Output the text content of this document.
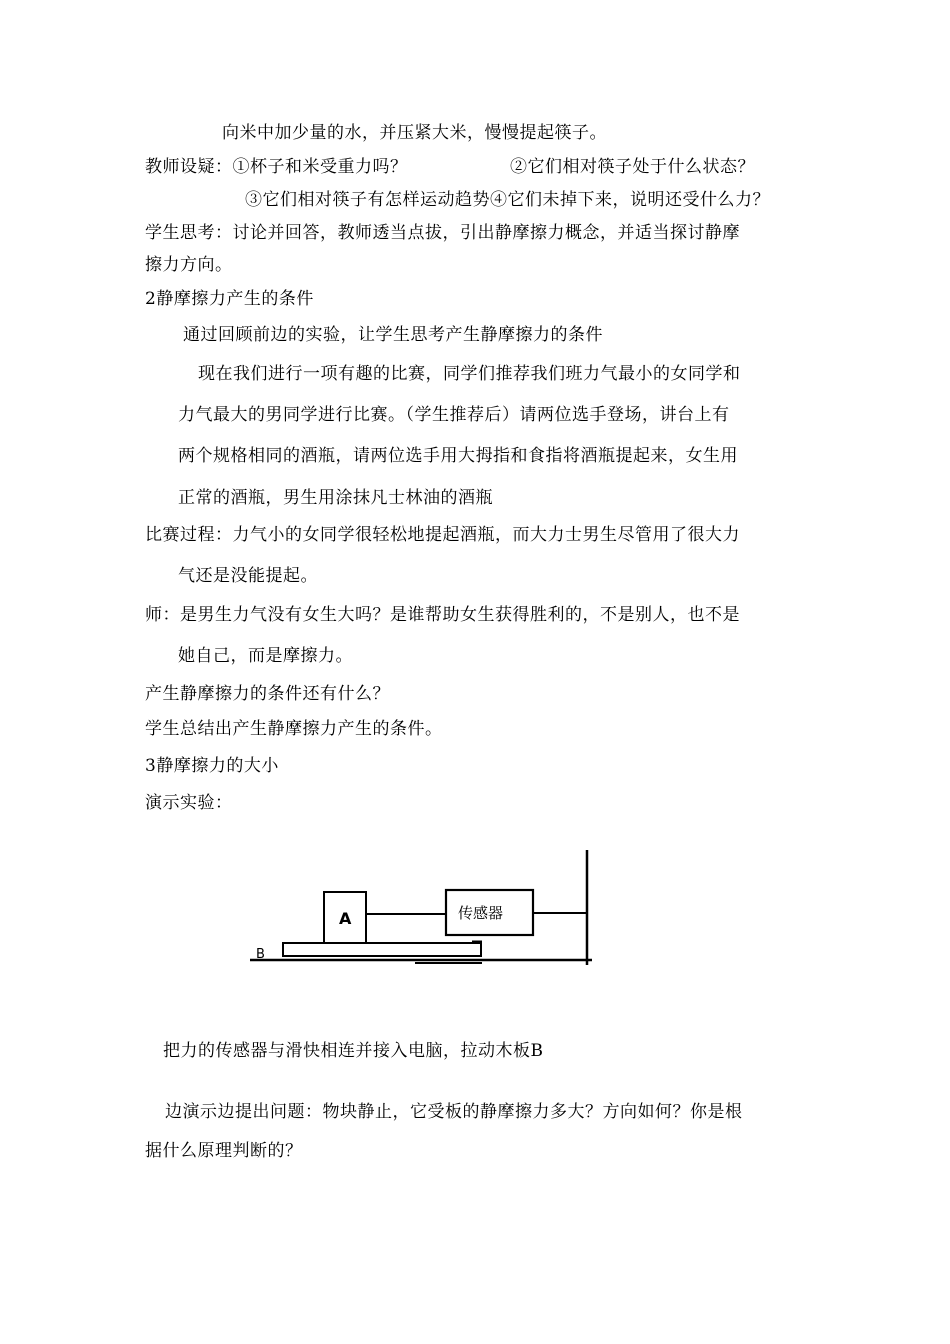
向米中加少量的水，并压紧大米，慢慢提起筷子。
教师设疑：①杯子和米受重力吗？	②它们相对筷子处于什么状态？
③它们相对筷子有怎样运动趋势④它们未掉下来，说明还受什么力？
学生思考：讨论并回答，教师透当点拔，引出静摩擦力概念，并适当探讨静摩
擦力方向。
2静摩擦力产生的条件
通过回顾前边的实验，让学生思考产生静摩擦力的条件
现在我们进行一项有趣的比赛，同学们推荐我们班力气最小的女同学和
力气最大的男同学进行比赛。（学生推荐后）请两位选手登场，讲台上有
两个规格相同的酒瓶，请两位选手用大拇指和食指将酒瓶提起来，女生用
正常的酒瓶，男生用涂抹凡士林油的酒瓶
比赛过程：力气小的女同学很轻松地提起酒瓶，而大力士男生尽管用了很大力
气还是没能提起。
师：是男生力气没有女生大吗？是谁帮助女生获得胜利的，不是别人，也不是
她自己，而是摩擦力。
产生静摩擦力的条件还有什么？
学生总结出产生静摩擦力产生的条件。
3静摩擦力的大小
演示实验：
B
A	传感器
把力的传感器与滑快相连并接入电脑，拉动木板B
边演示边提出问题：物块静止，它受板的静摩擦力多大？方向如何？你是根
据什么原理判断的？
